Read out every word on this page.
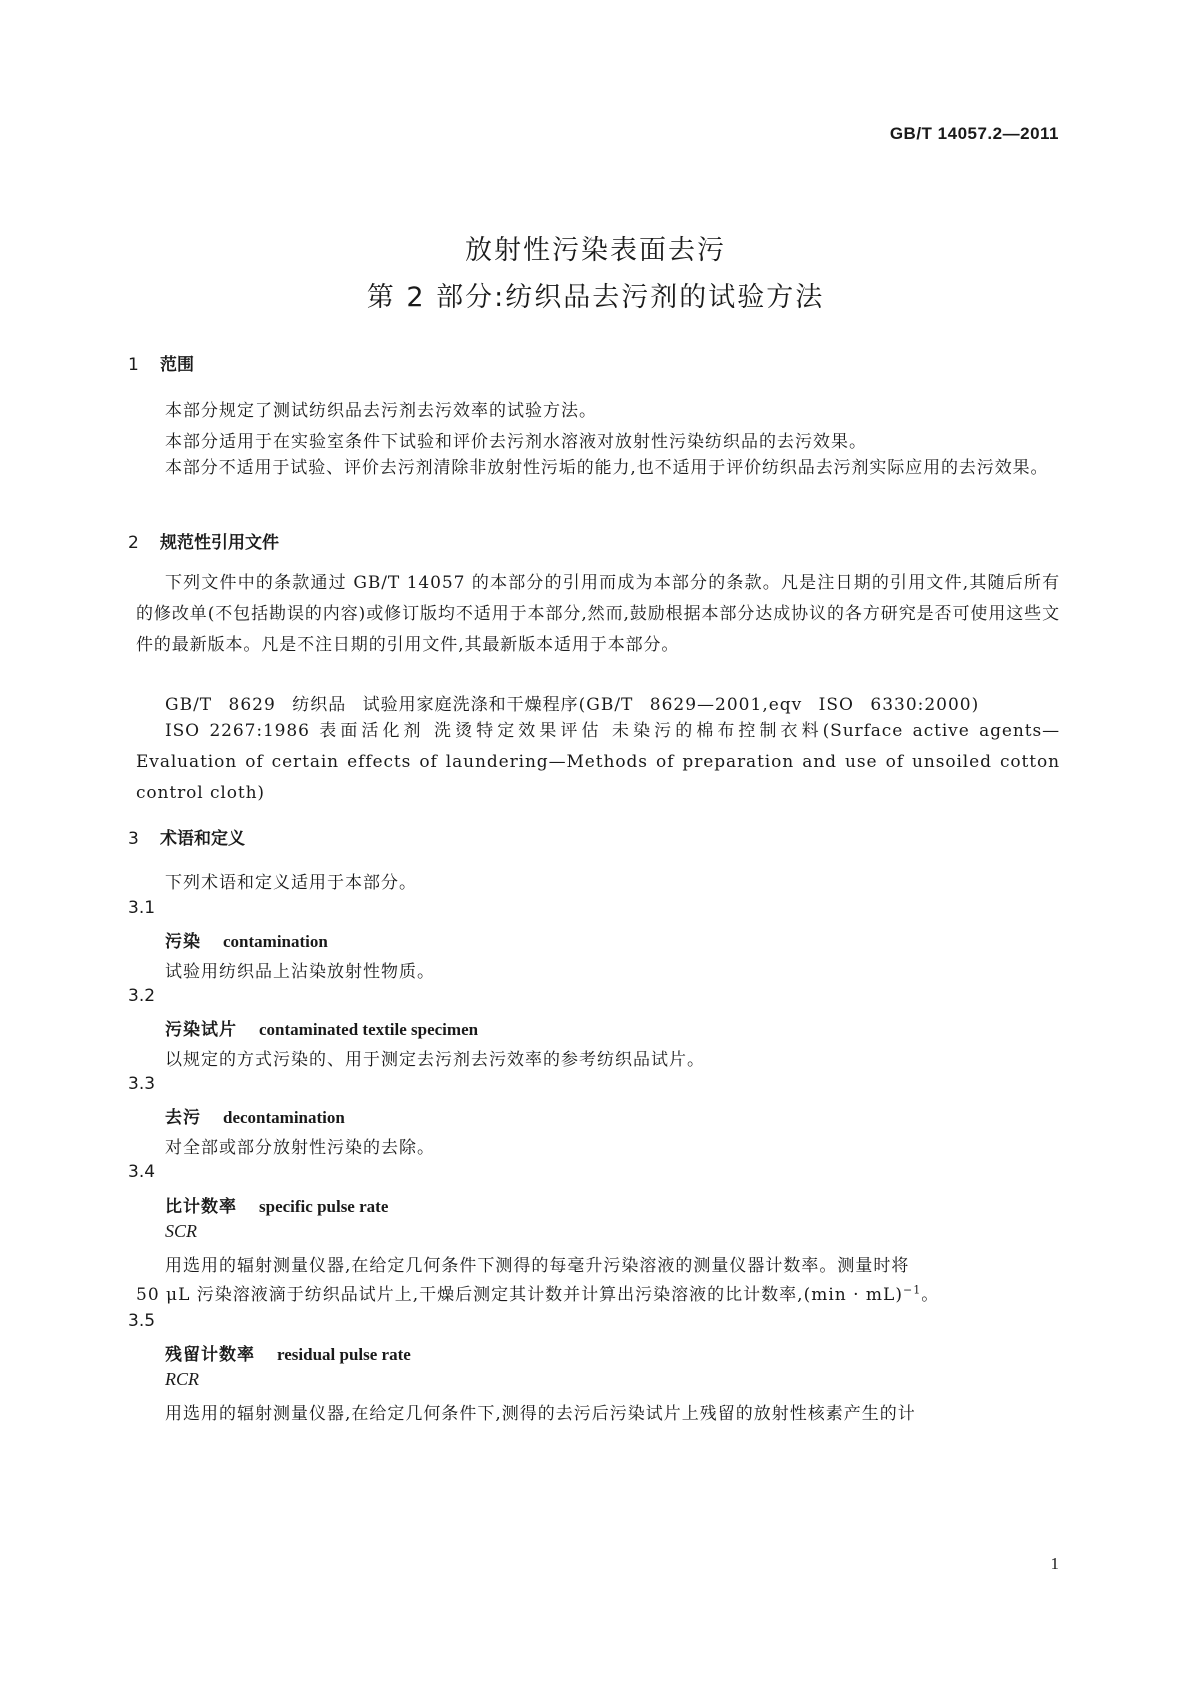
GB/T 14057.2—2011
放射性污染表面去污
第 2 部分:纺织品去污剂的试验方法
1 范围
本部分规定了测试纺织品去污剂去污效率的试验方法。
本部分适用于在实验室条件下试验和评价去污剂水溶液对放射性污染纺织品的去污效果。
本部分不适用于试验、评价去污剂清除非放射性污垢的能力,也不适用于评价纺织品去污剂实际应用的去污效果。
2 规范性引用文件
下列文件中的条款通过 GB/T 14057 的本部分的引用而成为本部分的条款。凡是注日期的引用文件,其随后所有的修改单(不包括勘误的内容)或修订版均不适用于本部分,然而,鼓励根据本部分达成协议的各方研究是否可使用这些文件的最新版本。凡是不注日期的引用文件,其最新版本适用于本部分。
GB/T 8629 纺织品 试验用家庭洗涤和干燥程序(GB/T 8629—2001,eqv ISO 6330:2000)
ISO 2267:1986 表面活化剂 洗烫特定效果评估 未染污的棉布控制衣料(Surface active agents—Evaluation of certain effects of laundering—Methods of preparation and use of unsoiled cotton control cloth)
3 术语和定义
下列术语和定义适用于本部分。
3.1
污染 contamination
试验用纺织品上沾染放射性物质。
3.2
污染试片 contaminated textile specimen
以规定的方式污染的、用于测定去污剂去污效率的参考纺织品试片。
3.3
去污 decontamination
对全部或部分放射性污染的去除。
3.4
比计数率 specific pulse rate
SCR
用选用的辐射测量仪器,在给定几何条件下测得的每毫升污染溶液的测量仪器计数率。测量时将
50 μL 污染溶液滴于纺织品试片上,干燥后测定其计数并计算出污染溶液的比计数率,(min · mL)$^{-1}$。
3.5
残留计数率 residual pulse rate
RCR
用选用的辐射测量仪器,在给定几何条件下,测得的去污后污染试片上残留的放射性核素产生的计
1
